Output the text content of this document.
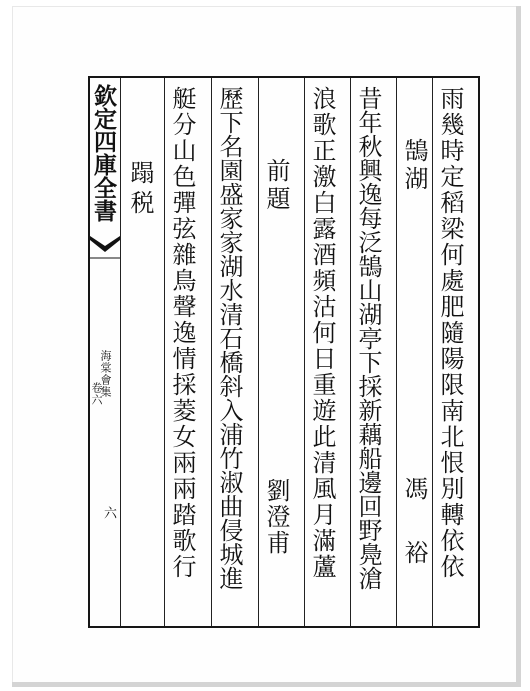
欽定四庫全書
海棠會集
卷六
六	雨幾時定稻梁何處肥隨陽限南北恨別轉依依
鵠湖
馮 裕
昔年秋興逸每泛鵠山湖亭下採新藕船邊回野鳧滄
浪歌正激白露酒頻沽何日重遊此清風月滿蘆
前題
劉澄甫
歷下名園盛家家湖水清石橋斜入浦竹淑曲侵城進
艇分山色彈弦雜鳥聲逸情採菱女兩兩踏歌行
蹋税
